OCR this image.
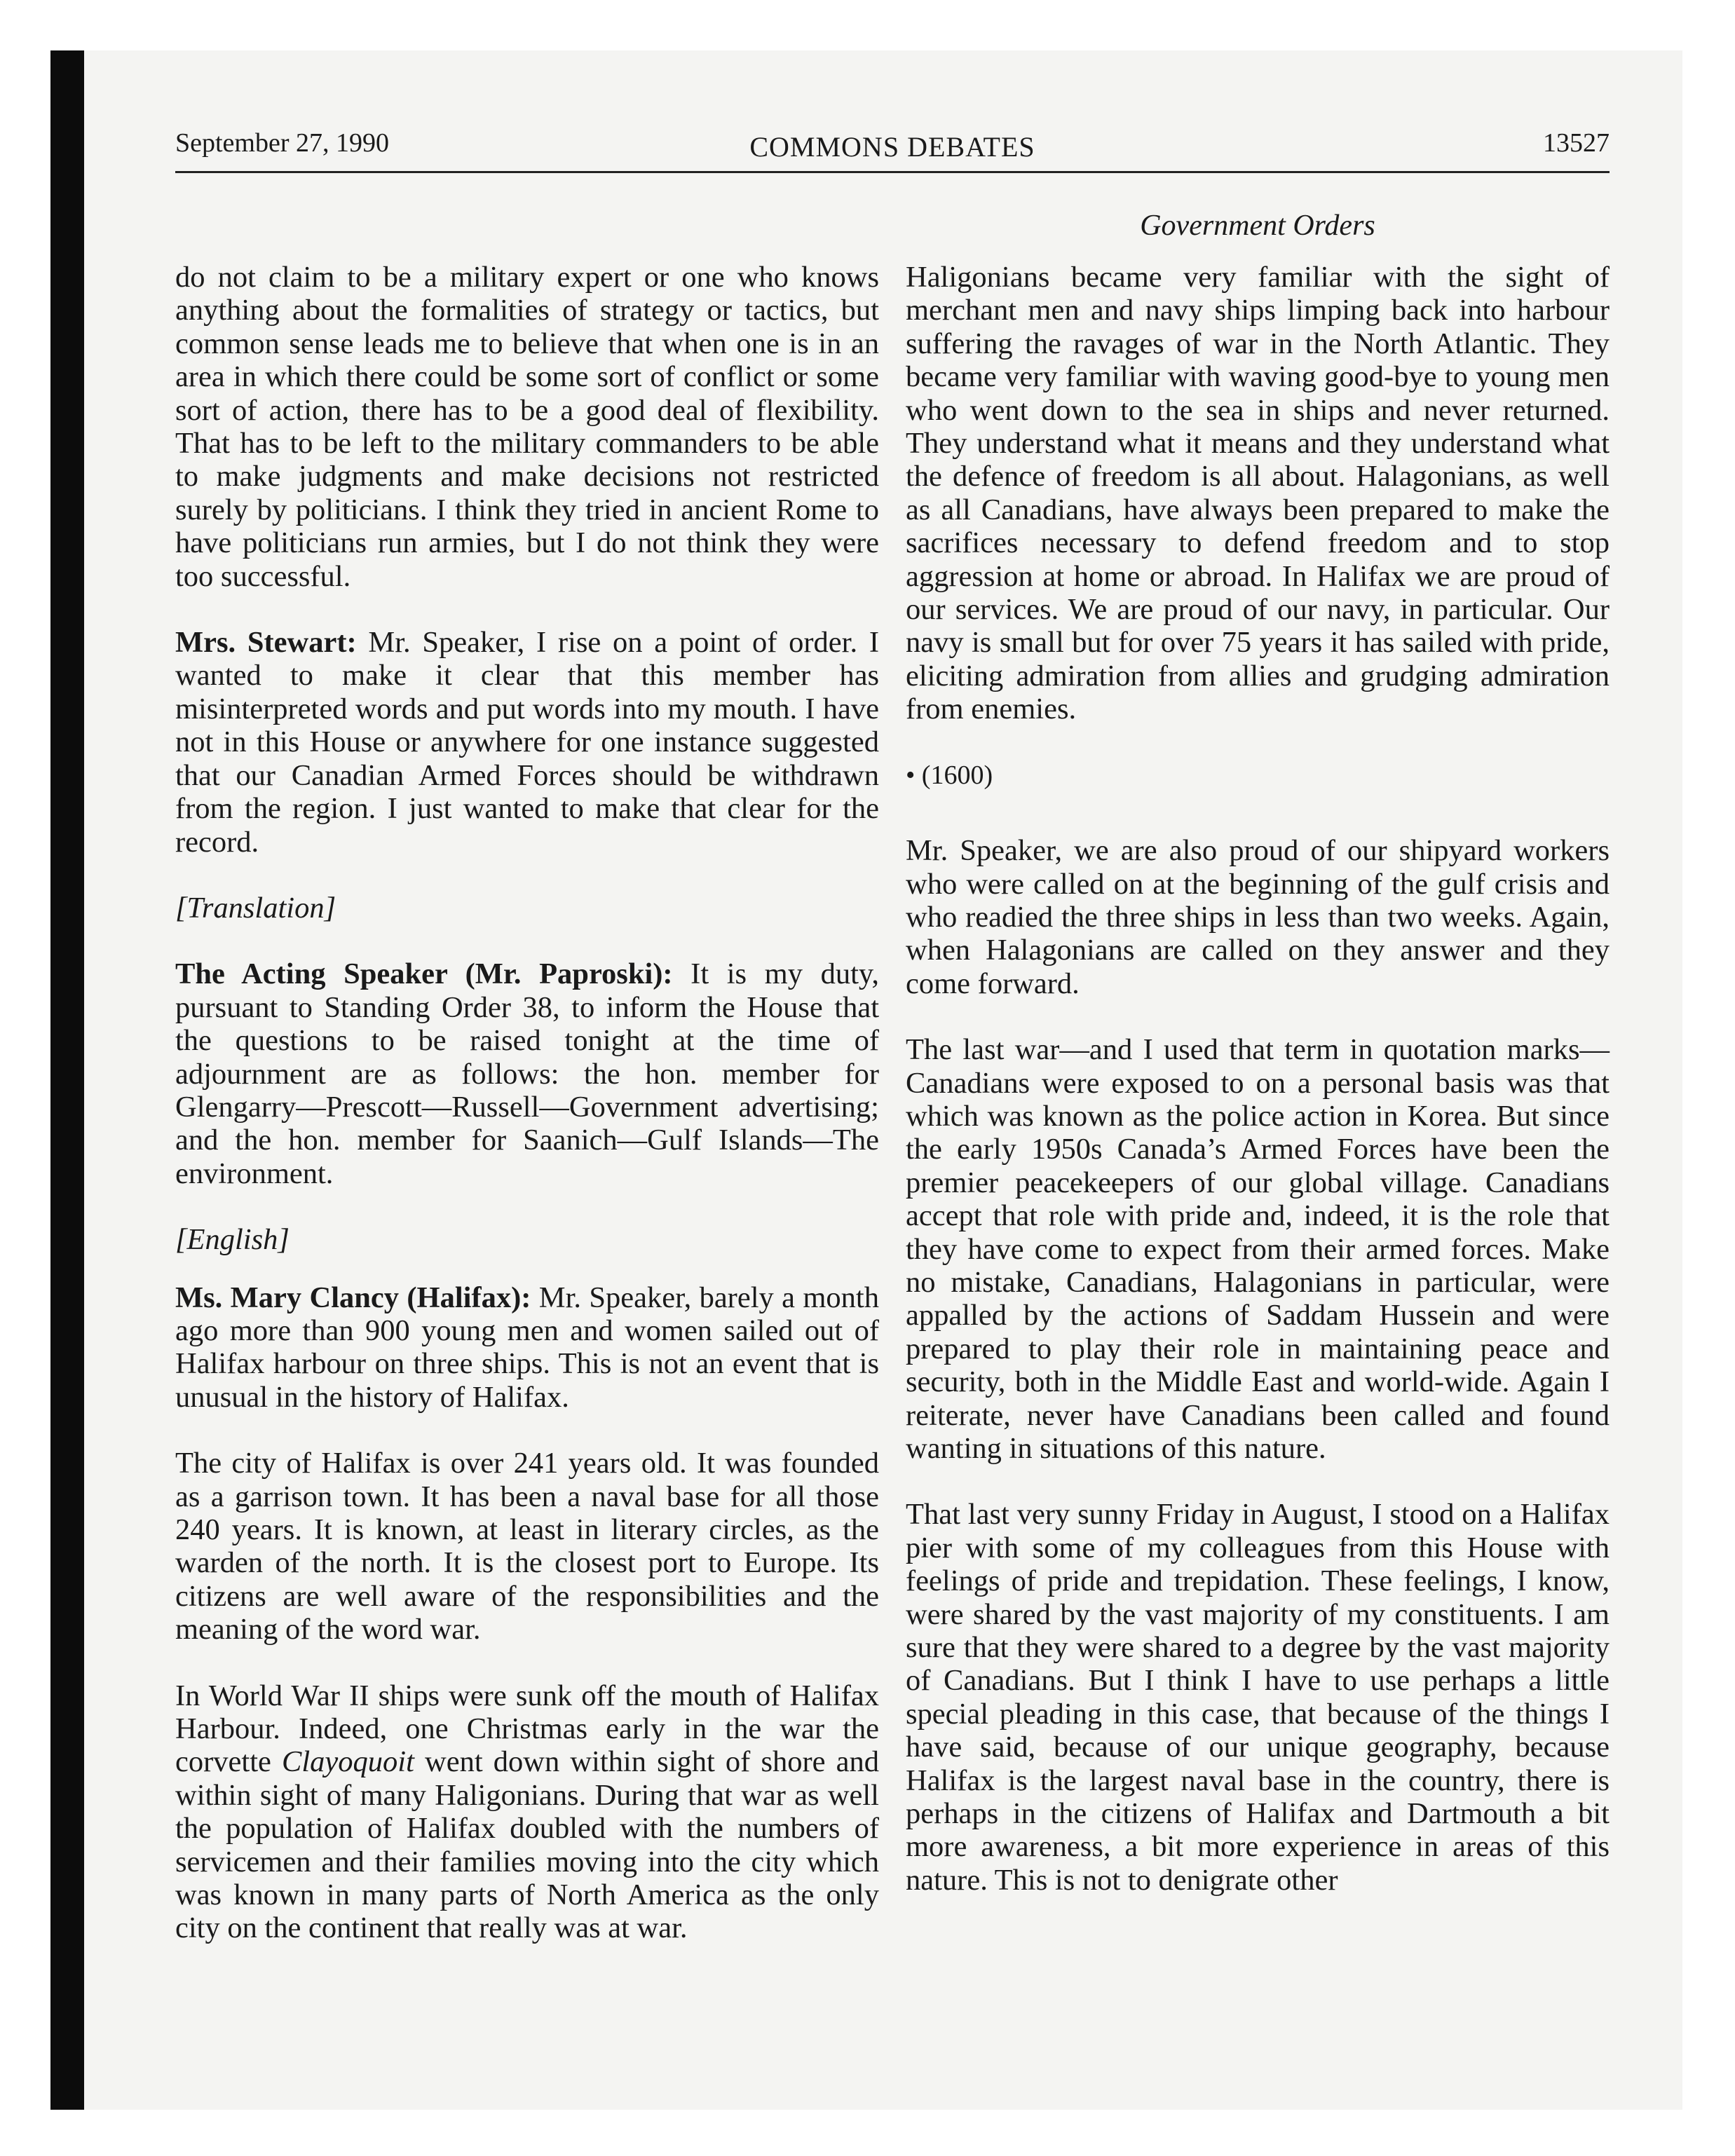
September 27, 1990	COMMONS DEBATES	13527
Government Orders

do not claim to be a military expert or one who knows anything about the formalities of strategy or tactics, but common sense leads me to believe that when one is in an area in which there could be some sort of conflict or some sort of action, there has to be a good deal of flexibility. That has to be left to the military commanders to be able to make judgments and make decisions not restricted surely by politicians. I think they tried in ancient Rome to have politicians run armies, but I do not think they were too successful.

Mrs. Stewart: Mr. Speaker, I rise on a point of order. I wanted to make it clear that this member has misinterpreted words and put words into my mouth. I have not in this House or anywhere for one instance suggested that our Canadian Armed Forces should be withdrawn from the region. I just wanted to make that clear for the record.

[Translation]

The Acting Speaker (Mr. Paproski): It is my duty, pursuant to Standing Order 38, to inform the House that the questions to be raised tonight at the time of adjournment are as follows: the hon. member for Glengarry—Prescott—Russell—Government advertising; and the hon. member for Saanich—Gulf Islands—The environment.

[English]

Ms. Mary Clancy (Halifax): Mr. Speaker, barely a month ago more than 900 young men and women sailed out of Halifax harbour on three ships. This is not an event that is unusual in the history of Halifax.

The city of Halifax is over 241 years old. It was founded as a garrison town. It has been a naval base for all those 240 years. It is known, at least in literary circles, as the warden of the north. It is the closest port to Europe. Its citizens are well aware of the responsibilities and the meaning of the word war.

In World War II ships were sunk off the mouth of Halifax Harbour. Indeed, one Christmas early in the war the corvette Clayoquoit went down within sight of shore and within sight of many Haligonians. During that war as well the population of Halifax doubled with the numbers of servicemen and their families moving into the city which was known in many parts of North America as the only city on the continent that really was at war.

Haligonians became very familiar with the sight of merchant men and navy ships limping back into harbour suffering the ravages of war in the North Atlantic. They became very familiar with waving good-bye to young men who went down to the sea in ships and never returned. They understand what it means and they understand what the defence of freedom is all about. Halagonians, as well as all Canadians, have always been prepared to make the sacrifices necessary to defend freedom and to stop aggression at home or abroad. In Halifax we are proud of our services. We are proud of our navy, in particular. Our navy is small but for over 75 years it has sailed with pride, eliciting admiration from allies and grudging admiration from enemies.

• (1600)

Mr. Speaker, we are also proud of our shipyard workers who were called on at the beginning of the gulf crisis and who readied the three ships in less than two weeks. Again, when Halagonians are called on they answer and they come forward.

The last war—and I used that term in quotation marks—Canadians were exposed to on a personal basis was that which was known as the police action in Korea. But since the early 1950s Canada’s Armed Forces have been the premier peacekeepers of our global village. Canadians accept that role with pride and, indeed, it is the role that they have come to expect from their armed forces. Make no mistake, Canadians, Halagonians in particular, were appalled by the actions of Saddam Hussein and were prepared to play their role in maintaining peace and security, both in the Middle East and world-wide. Again I reiterate, never have Canadians been called and found wanting in situations of this nature.

That last very sunny Friday in August, I stood on a Halifax pier with some of my colleagues from this House with feelings of pride and trepidation. These feelings, I know, were shared by the vast majority of my constituents. I am sure that they were shared to a degree by the vast majority of Canadians. But I think I have to use perhaps a little special pleading in this case, that because of the things I have said, because of our unique geography, because Halifax is the largest naval base in the country, there is perhaps in the citizens of Halifax and Dartmouth a bit more awareness, a bit more experience in areas of this nature. This is not to denigrate other
